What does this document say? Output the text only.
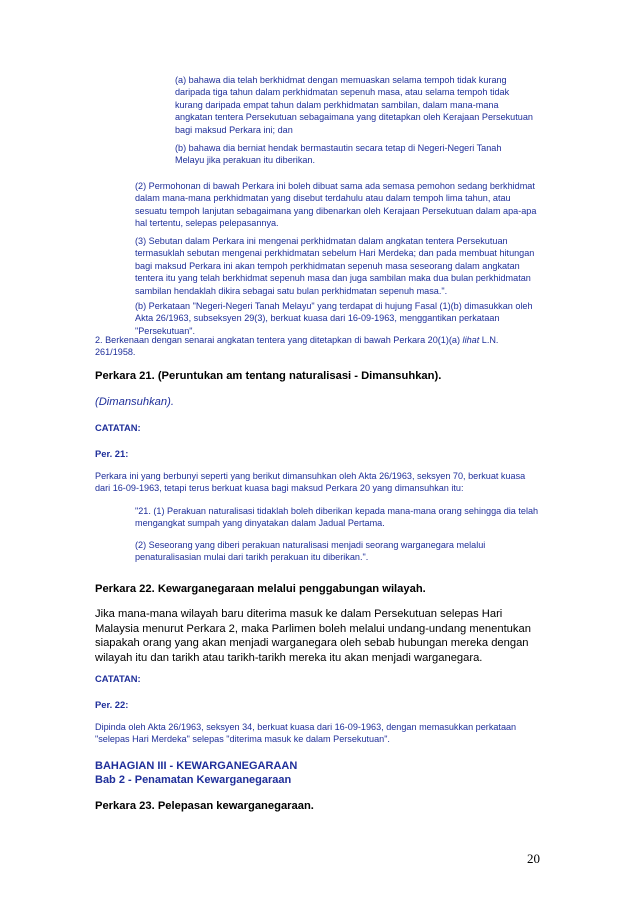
(a) bahawa dia telah berkhidmat dengan memuaskan selama tempoh tidak kurang daripada tiga tahun dalam perkhidmatan sepenuh masa, atau selama tempoh tidak kurang daripada empat tahun dalam perkhidmatan sambilan, dalam mana-mana angkatan tentera Persekutuan sebagaimana yang ditetapkan oleh Kerajaan Persekutuan bagi maksud Perkara ini; dan

(b) bahawa dia berniat hendak bermastautin secara tetap di Negeri-Negeri Tanah Melayu jika perakuan itu diberikan.

(2) Permohonan di bawah Perkara ini boleh dibuat sama ada semasa pemohon sedang berkhidmat dalam mana-mana perkhidmatan yang disebut terdahulu atau dalam tempoh lima tahun, atau sesuatu tempoh lanjutan sebagaimana yang dibenarkan oleh Kerajaan Persekutuan dalam apa-apa hal tertentu, selepas pelepasannya.

(3) Sebutan dalam Perkara ini mengenai perkhidmatan dalam angkatan tentera Persekutuan termasuklah sebutan mengenai perkhidmatan sebelum Hari Merdeka; dan pada membuat hitungan bagi maksud Perkara ini akan tempoh perkhidmatan sepenuh masa seseorang dalam angkatan tentera itu yang telah berkhidmat sepenuh masa dan juga sambilan maka dua bulan perkhidmatan sambilan hendaklah dikira sebagai satu bulan perkhidmatan sepenuh masa.".

(b) Perkataan "Negeri-Negeri Tanah Melayu" yang terdapat di hujung Fasal (1)(b) dimasukkan oleh Akta 26/1963, subseksyen 29(3), berkuat kuasa dari 16-09-1963, menggantikan perkataan "Persekutuan".

2. Berkenaan dengan senarai angkatan tentera yang ditetapkan di bawah Perkara 20(1)(a) lihat L.N. 261/1958.

Perkara 21. (Peruntukan am tentang naturalisasi - Dimansuhkan).

(Dimansuhkan).

CATATAN:

Per. 21:

Perkara ini yang berbunyi seperti yang berikut dimansuhkan oleh Akta 26/1963, seksyen 70, berkuat kuasa dari 16-09-1963, tetapi terus berkuat kuasa bagi maksud Perkara 20 yang dimansuhkan itu:

"21. (1) Perakuan naturalisasi tidaklah boleh diberikan kepada mana-mana orang sehingga dia telah mengangkat sumpah yang dinyatakan dalam Jadual Pertama.

(2) Seseorang yang diberi perakuan naturalisasi menjadi seorang warganegara melalui penaturalisasian mulai dari tarikh perakuan itu diberikan.".

Perkara 22. Kewarganegaraan melalui penggabungan wilayah.

Jika mana-mana wilayah baru diterima masuk ke dalam Persekutuan selepas Hari Malaysia menurut Perkara 2, maka Parlimen boleh melalui undang-undang menentukan siapakah orang yang akan menjadi warganegara oleh sebab hubungan mereka dengan wilayah itu dan tarikh atau tarikh-tarikh mereka itu akan menjadi warganegara.

CATATAN:

Per. 22:

Dipinda oleh Akta 26/1963, seksyen 34, berkuat kuasa dari 16-09-1963, dengan memasukkan perkataan "selepas Hari Merdeka" selepas "diterima masuk ke dalam Persekutuan".

BAHAGIAN III - KEWARGANEGARAAN

Bab 2 - Penamatan Kewarganegaraan

Perkara 23. Pelepasan kewarganegaraan.

20
